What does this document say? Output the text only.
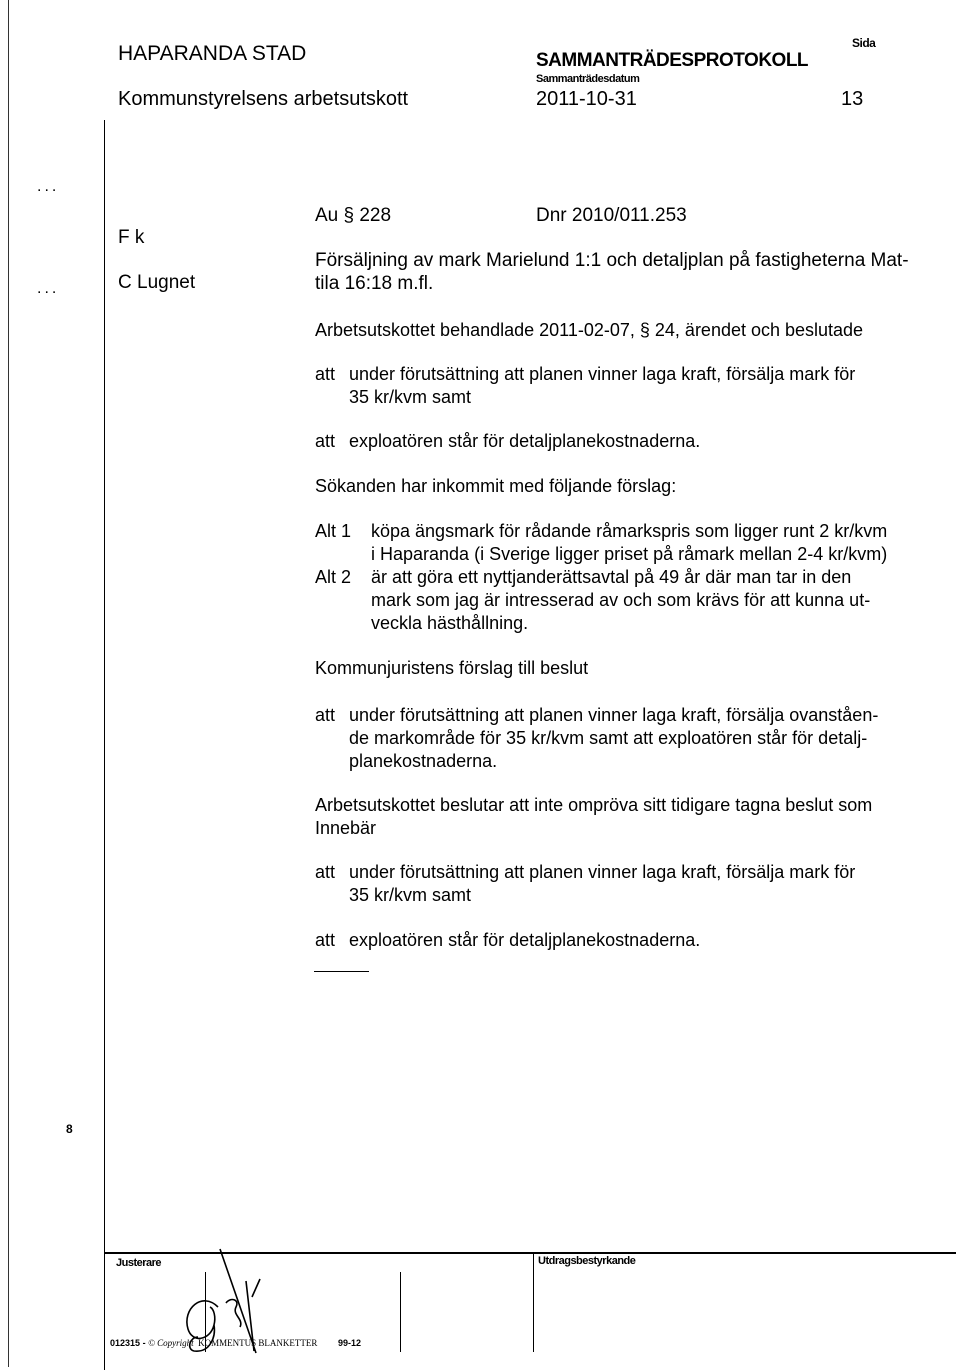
HAPARANDA STAD	SAMMANTRÄDESPROTOKOLL
Sida
Sammanträdesdatum
Kommunstyrelsens arbetsutskott	2011-10-31	13
...
...
F k
C Lugnet
8
Au § 228	Dnr 2010/011.253
Försäljning av mark Marielund 1:1 och detaljplan på fastigheterna Mat-
tila 16:18 m.fl.
Arbetsutskottet behandlade 2011-02-07, § 24, ärendet och beslutade
att under förutsättning att planen vinner laga kraft, försälja mark för
35 kr/kvm samt
att exploatören står för detaljplanekostnaderna.
Sökanden har inkommit med följande förslag:
Alt 1	köpa ängsmark för rådande råmarkspris som ligger runt 2 kr/kvm
i Haparanda (i Sverige ligger priset på råmark mellan 2-4 kr/kvm)
Alt 2	är att göra ett nyttjanderättsavtal på 49 år där man tar in den
mark som jag är intresserad av och som krävs för att kunna ut-
veckla hästhållning.
Kommunjuristens förslag till beslut
att under förutsättning att planen vinner laga kraft, försälja ovanståen-
de markområde för 35 kr/kvm samt att exploatören står för detalj-
planekostnaderna.
Arbetsutskottet beslutar att inte ompröva sitt tidigare tagna beslut som
Innebär
att under förutsättning att planen vinner laga kraft, försälja mark för
35 kr/kvm samt
att exploatören står för detaljplanekostnaderna.
Justerare	Utdragsbestyrkande
012315 - © Copyright KOMMENTUS BLANKETTER 99-12
